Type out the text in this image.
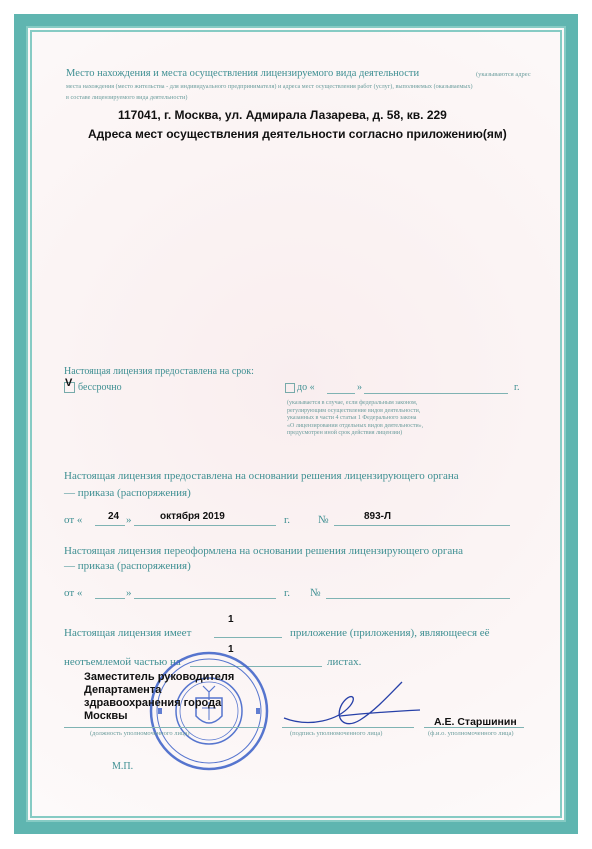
Место нахождения и места осуществления лицензируемого вида деятельности	(указываются адрес
места нахождения (место жительства - для индивидуального предпринимателя) и адреса мест осуществления работ (услуг), выполняемых (оказываемых)
в составе лицензируемого вида деятельности)
117041, г. Москва, ул. Адмирала Лазарева, д. 58, кв. 229
Адреса мест осуществления деятельности согласно приложению(ям)
Настоящая лицензия предоставлена на срок:
V бессрочно	до «	»	г.
(указывается в случае, если федеральным законом,
регулирующим осуществление видов деятельности,
указанных в части 4 статьи 1 Федерального закона
«О лицензировании отдельных видов деятельности»,
предусмотрен иной срок действия лицензии)
Настоящая лицензия предоставлена на основании решения лицензирующего органа
— приказа (распоряжения)
от «	24 »	октября 2019	г.	№	893-Л
Настоящая лицензия переоформлена на основании решения лицензирующего органа
— приказа (распоряжения)
от «	»	г. №
Настоящая лицензия имеет
1
приложение (приложения), являющееся её
неотъемлемой частью на
1
листах.
Заместитель руководителя
Департамента
здравоохранения города
Москвы
(должность уполномоченного лица)	(подпись уполномоченного лица)
А.Е. Старшинин
(ф.и.о. уполномоченного лица)
М.П.
